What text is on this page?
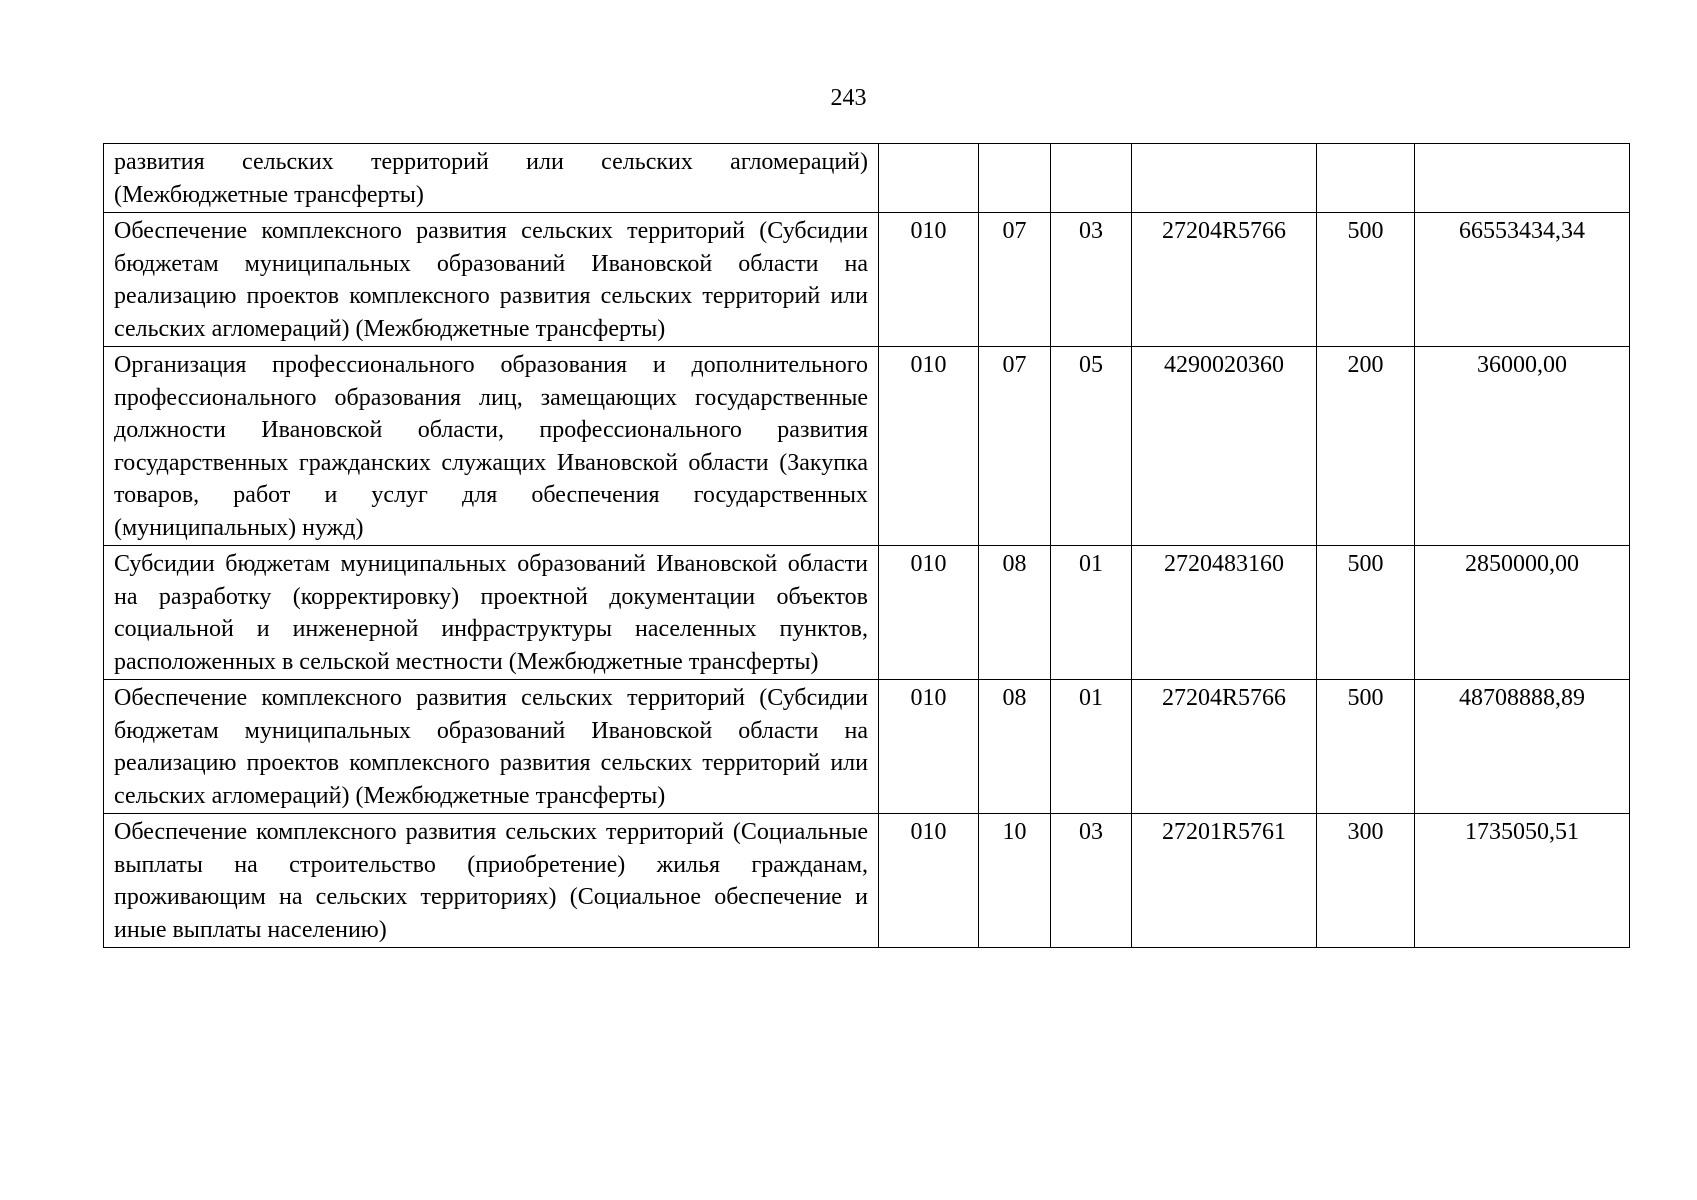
243
развития сельских территорий или сельских агломераций) (Межбюджетные трансферты)						
Обеспечение комплексного развития сельских территорий (Субсидии бюджетам муниципальных образований Ивановской области на реализацию проектов комплексного развития сельских территорий или сельских агломераций) (Межбюджетные трансферты)	010	07	03	27204R5766	500	66553434,34
Организация профессионального образования и дополнительного профессионального образования лиц, замещающих государственные должности Ивановской области, профессионального развития государственных гражданских служащих Ивановской области (Закупка товаров, работ и услуг для обеспечения государственных (муниципальных) нужд)	010	07	05	4290020360	200	36000,00
Субсидии бюджетам муниципальных образований Ивановской области на разработку (корректировку) проектной документации объектов социальной и инженерной инфраструктуры населенных пунктов, расположенных в сельской местности (Межбюджетные трансферты)	010	08	01	2720483160	500	2850000,00
Обеспечение комплексного развития сельских территорий (Субсидии бюджетам муниципальных образований Ивановской области на реализацию проектов комплексного развития сельских территорий или сельских агломераций) (Межбюджетные трансферты)	010	08	01	27204R5766	500	48708888,89
Обеспечение комплексного развития сельских территорий (Социальные выплаты на строительство (приобретение) жилья гражданам, проживающим на сельских территориях) (Социальное обеспечение и иные выплаты населению)	010	10	03	27201R5761	300	1735050,51
